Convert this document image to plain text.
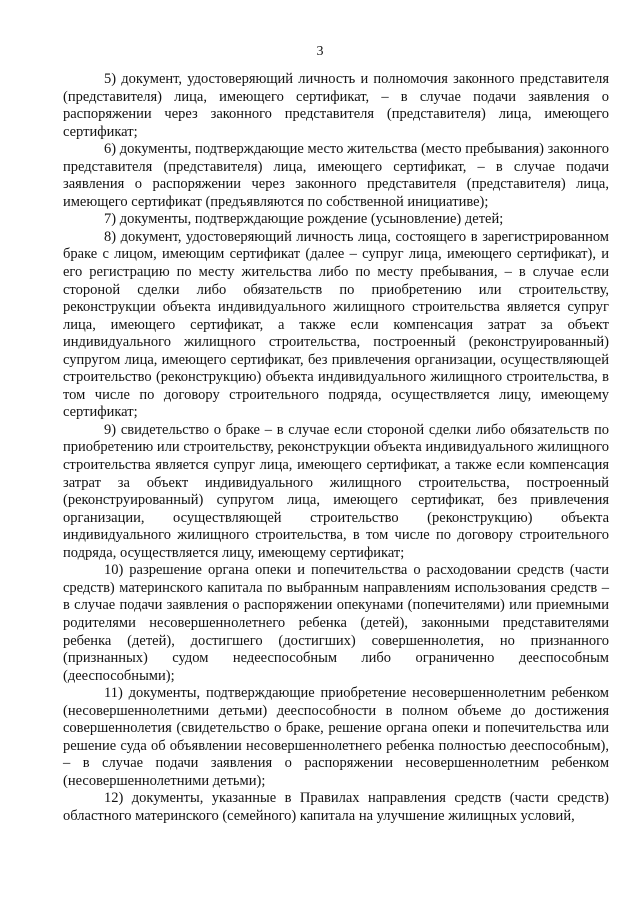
3

5) документ, удостоверяющий личность и полномочия законного представителя (представителя) лица, имеющего сертификат, – в случае подачи заявления о распоряжении через законного представителя (представителя) лица, имеющего сертификат;

6) документы, подтверждающие место жительства (место пребывания) законного представителя (представителя) лица, имеющего сертификат, – в случае подачи заявления о распоряжении через законного представителя (представителя) лица, имеющего сертификат (предъявляются по собственной инициативе);

7) документы, подтверждающие рождение (усыновление) детей;

8) документ, удостоверяющий личность лица, состоящего в зарегистрированном браке с лицом, имеющим сертификат (далее – супруг лица, имеющего сертификат), и его регистрацию по месту жительства либо по месту пребывания, – в случае если стороной сделки либо обязательств по приобретению или строительству, реконструкции объекта индивидуального жилищного строительства является супруг лица, имеющего сертификат, а также если компенсация затрат за объект индивидуального жилищного строительства, построенный (реконструированный) супругом лица, имеющего сертификат, без привлечения организации, осуществляющей строительство (реконструкцию) объекта индивидуального жилищного строительства, в том числе по договору строительного подряда, осуществляется лицу, имеющему сертификат;

9) свидетельство о браке – в случае если стороной сделки либо обязательств по приобретению или строительству, реконструкции объекта индивидуального жилищного строительства является супруг лица, имеющего сертификат, а также если компенсация затрат за объект индивидуального жилищного строительства, построенный (реконструированный) супругом лица, имеющего сертификат, без привлечения организации, осуществляющей строительство (реконструкцию) объекта индивидуального жилищного строительства, в том числе по договору строительного подряда, осуществляется лицу, имеющему сертификат;

10) разрешение органа опеки и попечительства о расходовании средств (части средств) материнского капитала по выбранным направлениям использования средств – в случае подачи заявления о распоряжении опекунами (попечителями) или приемными родителями несовершеннолетнего ребенка (детей), законными представителями ребенка (детей), достигшего (достигших) совершеннолетия, но признанного (признанных) судом недееспособным либо ограниченно дееспособным (дееспособными);

11) документы, подтверждающие приобретение несовершеннолетним ребенком (несовершеннолетними детьми) дееспособности в полном объеме до достижения совершеннолетия (свидетельство о браке, решение органа опеки и попечительства или решение суда об объявлении несовершеннолетнего ребенка полностью дееспособным), – в случае подачи заявления о распоряжении несовершеннолетним ребенком (несовершеннолетними детьми);

12) документы, указанные в Правилах направления средств (части средств) областного материнского (семейного) капитала на улучшение жилищных условий,
